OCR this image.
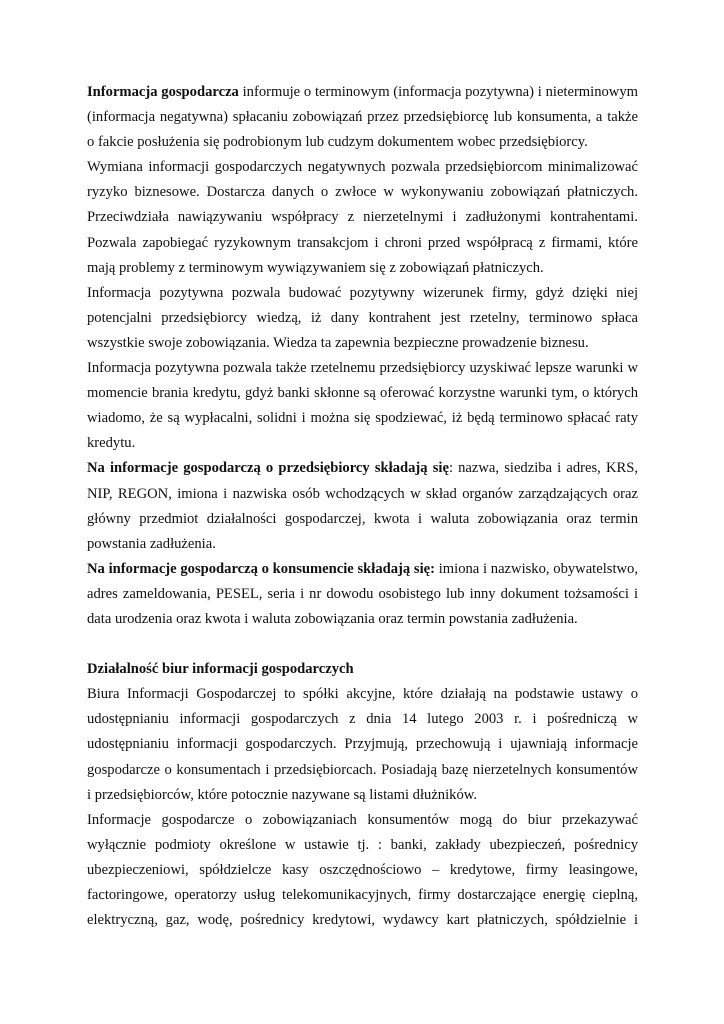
Informacja gospodarcza informuje o terminowym (informacja pozytywna) i nieterminowym (informacja negatywna) spłacaniu zobowiązań przez przedsiębiorcę lub konsumenta, a także o fakcie posłużenia się podrobionym lub cudzym dokumentem wobec przedsiębiorcy.

Wymiana informacji gospodarczych negatywnych pozwala przedsiębiorcom minimalizować ryzyko biznesowe. Dostarcza danych o zwłoce w wykonywaniu zobowiązań płatniczych. Przeciwdziała nawiązywaniu współpracy z nierzetelnymi i zadłużonymi kontrahentami. Pozwala zapobiegać ryzykownym transakcjom i chroni przed współpracą z firmami, które mają problemy z terminowym wywiązywaniem się z zobowiązań płatniczych.

Informacja pozytywna pozwala budować pozytywny wizerunek firmy, gdyż dzięki niej potencjalni przedsiębiorcy wiedzą, iż dany kontrahent jest rzetelny, terminowo spłaca wszystkie swoje zobowiązania. Wiedza ta zapewnia bezpieczne prowadzenie biznesu.

Informacja pozytywna pozwala także rzetelnemu przedsiębiorcy uzyskiwać lepsze warunki w momencie brania kredytu, gdyż banki skłonne są oferować korzystne warunki tym, o których wiadomo, że są wypłacalni, solidni i można się spodziewać, iż będą terminowo spłacać raty kredytu.

Na informacje gospodarczą o przedsiębiorcy składają się: nazwa, siedziba i adres, KRS, NIP, REGON, imiona i nazwiska osób wchodzących w skład organów zarządzających oraz główny przedmiot działalności gospodarczej, kwota i waluta zobowiązania oraz termin powstania zadłużenia.

Na informacje gospodarczą o konsumencie składają się: imiona i nazwisko, obywatelstwo, adres zameldowania, PESEL, seria i nr dowodu osobistego lub inny dokument tożsamości i data urodzenia oraz kwota i waluta zobowiązania oraz termin powstania zadłużenia.

Działalność biur informacji gospodarczych

Biura Informacji Gospodarczej to spółki akcyjne, które działają na podstawie ustawy o udostępnianiu informacji gospodarczych z dnia 14 lutego 2003 r. i pośredniczą w udostępnianiu informacji gospodarczych. Przyjmują, przechowują i ujawniają informacje gospodarcze o konsumentach i przedsiębiorcach. Posiadają bazę nierzetelnych konsumentów i przedsiębiorców, które potocznie nazywane są listami dłużników.

Informacje gospodarcze o zobowiązaniach konsumentów mogą do biur przekazywać wyłącznie podmioty określone w ustawie tj. : banki, zakłady ubezpieczeń, pośrednicy ubezpieczeniowi, spółdzielcze kasy oszczędnościowo – kredytowe, firmy leasingowe, factoringowe, operatorzy usług telekomunikacyjnych, firmy dostarczające energię cieplną, elektryczną, gaz, wodę, pośrednicy kredytowi, wydawcy kart płatniczych, spółdzielnie i
